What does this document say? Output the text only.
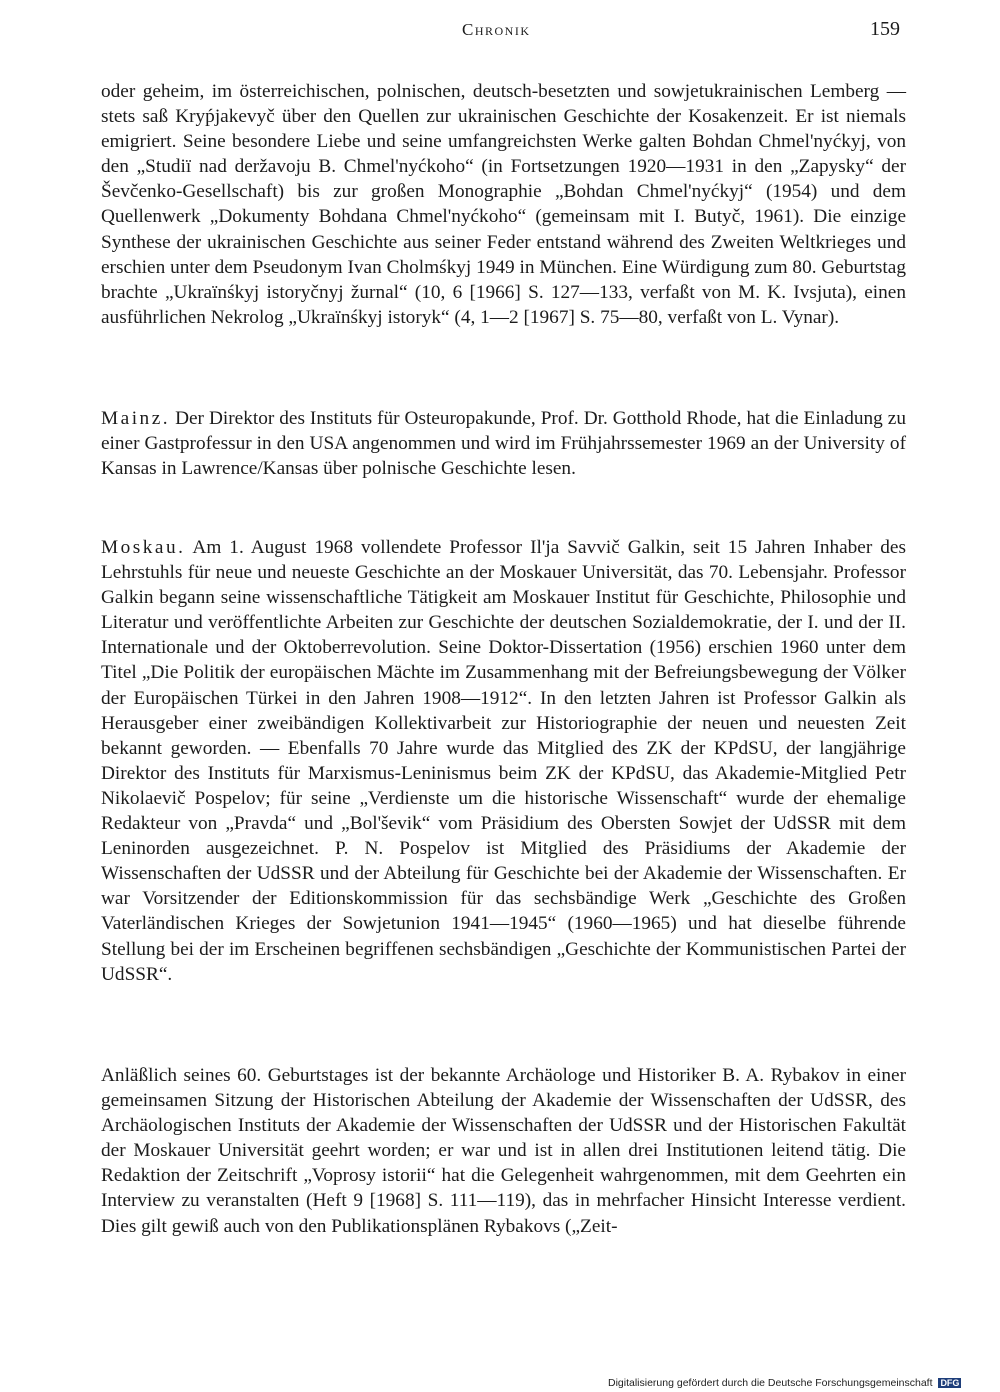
Chronik	159

oder geheim, im österreichischen, polnischen, deutsch-besetzten und sowjetukrainischen Lemberg — stets saß Kryṕjakevyč über den Quellen zur ukrainischen Geschichte der Kosakenzeit. Er ist niemals emigriert. Seine besondere Liebe und seine umfangreichsten Werke galten Bohdan Chmel'nyćkyj, von den „Studiï nad deržavoju B. Chmel'nyćkoho“ (in Fortsetzungen 1920—1931 in den „Zapysky“ der Ševčenko-Gesellschaft) bis zur großen Monographie „Bohdan Chmel'nyćkyj“ (1954) und dem Quellenwerk „Dokumenty Bohdana Chmel'nyćkoho“ (gemeinsam mit I. Butyč, 1961). Die einzige Synthese der ukrainischen Geschichte aus seiner Feder entstand während des Zweiten Weltkrieges und erschien unter dem Pseudonym Ivan Cholmśkyj 1949 in München. Eine Würdigung zum 80. Geburtstag brachte „Ukraïnśkyj istoryčnyj žurnal“ (10, 6 [1966] S. 127—133, verfaßt von M. K. Ivsjuta), einen ausführlichen Nekrolog „Ukraïnśkyj istoryk“ (4, 1—2 [1967] S. 75—80, verfaßt von L. Vynar).

Mainz. Der Direktor des Instituts für Osteuropakunde, Prof. Dr. Gotthold Rhode, hat die Einladung zu einer Gastprofessur in den USA angenommen und wird im Frühjahrssemester 1969 an der University of Kansas in Lawrence/Kansas über polnische Geschichte lesen.

Moskau. Am 1. August 1968 vollendete Professor Il'ja Savvič Galkin, seit 15 Jahren Inhaber des Lehrstuhls für neue und neueste Geschichte an der Moskauer Universität, das 70. Lebensjahr. Professor Galkin begann seine wissenschaftliche Tätigkeit am Moskauer Institut für Geschichte, Philosophie und Literatur und veröffentlichte Arbeiten zur Geschichte der deutschen Sozialdemokratie, der I. und der II. Internationale und der Oktoberrevolution. Seine Doktor-Dissertation (1956) erschien 1960 unter dem Titel „Die Politik der europäischen Mächte im Zusammenhang mit der Befreiungsbewegung der Völker der Europäischen Türkei in den Jahren 1908—1912“. In den letzten Jahren ist Professor Galkin als Herausgeber einer zweibändigen Kollektivarbeit zur Historiographie der neuen und neuesten Zeit bekannt geworden. — Ebenfalls 70 Jahre wurde das Mitglied des ZK der KPdSU, der langjährige Direktor des Instituts für Marxismus-Leninismus beim ZK der KPdSU, das Akademie-Mitglied Petr Nikolaevič Pospelov; für seine „Verdienste um die historische Wissenschaft“ wurde der ehemalige Redakteur von „Pravda“ und „Bol'ševik“ vom Präsidium des Obersten Sowjet der UdSSR mit dem Leninorden ausgezeichnet. P. N. Pospelov ist Mitglied des Präsidiums der Akademie der Wissenschaften der UdSSR und der Abteilung für Geschichte bei der Akademie der Wissenschaften. Er war Vorsitzender der Editionskommission für das sechsbändige Werk „Geschichte des Großen Vaterländischen Krieges der Sowjetunion 1941—1945“ (1960—1965) und hat dieselbe führende Stellung bei der im Erscheinen begriffenen sechsbändigen „Geschichte der Kommunistischen Partei der UdSSR“.

Anläßlich seines 60. Geburtstages ist der bekannte Archäologe und Historiker B. A. Rybakov in einer gemeinsamen Sitzung der Historischen Abteilung der Akademie der Wissenschaften der UdSSR, des Archäologischen Instituts der Akademie der Wissenschaften der UdSSR und der Historischen Fakultät der Moskauer Universität geehrt worden; er war und ist in allen drei Institutionen leitend tätig. Die Redaktion der Zeitschrift „Voprosy istorii“ hat die Gelegenheit wahrgenommen, mit dem Geehrten ein Interview zu veranstalten (Heft 9 [1968] S. 111—119), das in mehrfacher Hinsicht Interesse verdient. Dies gilt gewiß auch von den Publikationsplänen Rybakovs („Zeit-

Digitalisierung gefördert durch die Deutsche Forschungsgemeinschaft DFG
